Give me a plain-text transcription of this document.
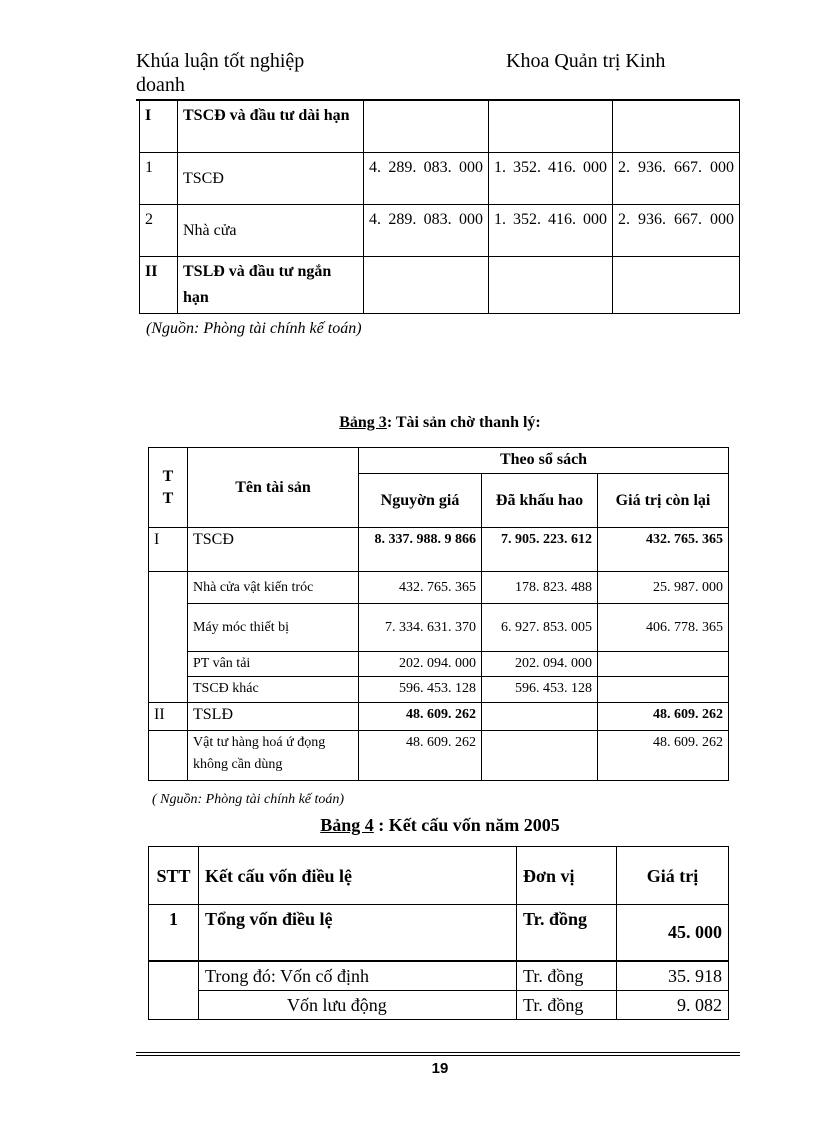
Khúa luận tốt nghiệp
doanh
Khoa Quản trị Kinh
I	TSCĐ và đầu tư dài hạn			
1	TSCĐ	4. 289. 083. 000	1. 352. 416. 000	2. 936. 667. 000
2	Nhà cửa	4. 289. 083. 000	1. 352. 416. 000	2. 936. 667. 000
II	TSLĐ và đầu tư ngắn hạn			
(Nguồn: Phòng tài chính kế toán)
Bảng 3: Tài sản chờ thanh lý:
T T	Tên tài sản	Theo sổ sách		
		Nguyờn giá	Đã khấu hao	Giá trị còn lại
I	TSCĐ	8. 337. 988. 9 866	7. 905. 223. 612	432. 765. 365
	Nhà cửa vật kiến tróc	432. 765. 365	178. 823. 488	25. 987. 000
	Máy móc thiết bị	7. 334. 631. 370	6. 927. 853. 005	406. 778. 365
	PT vân tải	202. 094. 000	202. 094. 000	
	TSCĐ khác	596. 453. 128	596. 453. 128	
II	TSLĐ	48. 609. 262		48. 609. 262
	Vật tư hàng hoá ứ đọng không cần dùng	48. 609. 262		48. 609. 262
( Nguồn: Phòng tài chính kế toán)
Bảng 4 : Kết cấu vốn năm 2005
STT	Kết cấu vốn điều lệ	Đơn vị	Giá trị
1	Tổng vốn điều lệ	Tr. đồng	45. 000
	Trong đó: Vốn cố định	Tr. đồng	35. 918
	Vốn lưu động	Tr. đồng	9. 082
19
